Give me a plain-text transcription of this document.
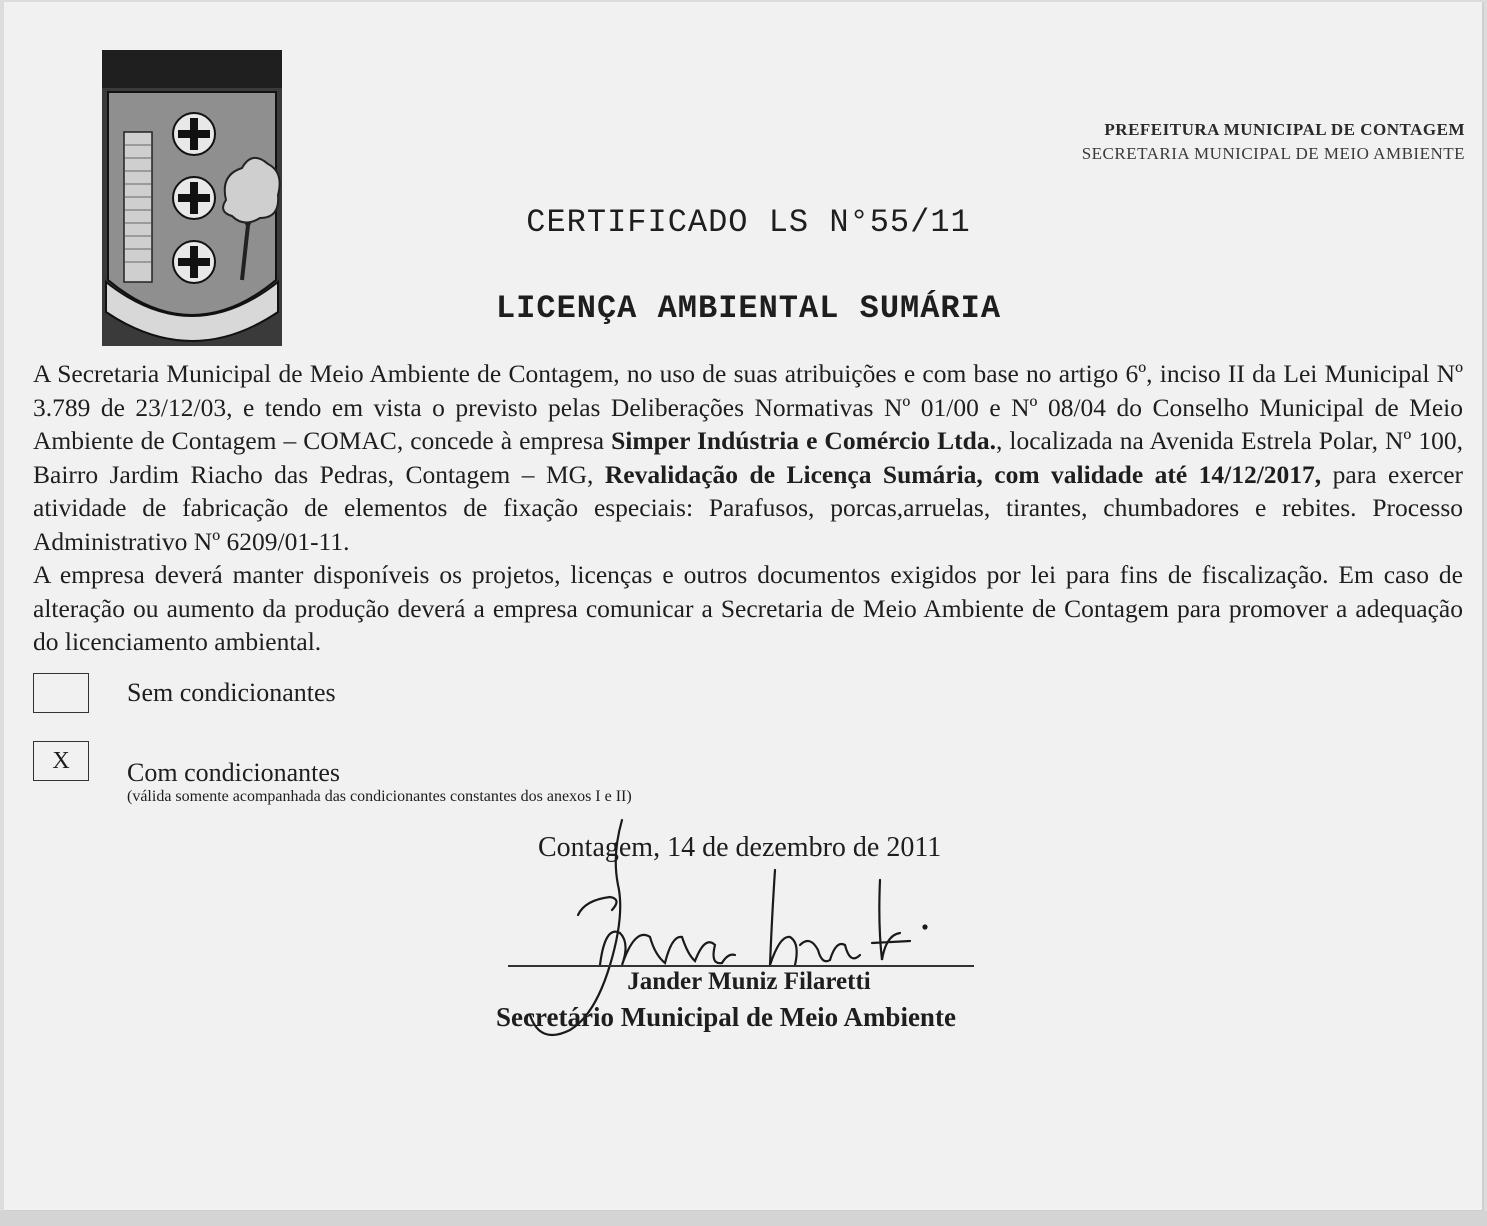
PREFEITURA MUNICIPAL DE CONTAGEM
SECRETARIA MUNICIPAL DE MEIO AMBIENTE
CERTIFICADO LS N°55/11
LICENÇA AMBIENTAL SUMÁRIA

A Secretaria Municipal de Meio Ambiente de Contagem, no uso de suas atribuições e com base no artigo 6º, inciso II da Lei Municipal Nº 3.789 de 23/12/03, e tendo em vista o previsto pelas Deliberações Normativas Nº 01/00 e Nº 08/04 do Conselho Municipal de Meio Ambiente de Contagem – COMAC, concede à empresa Simper Indústria e Comércio Ltda., localizada na Avenida Estrela Polar, Nº 100, Bairro Jardim Riacho das Pedras, Contagem – MG, Revalidação de Licença Sumária, com validade até 14/12/2017, para exercer atividade de fabricação de elementos de fixação especiais: Parafusos, porcas,arruelas, tirantes, chumbadores e rebites. Processo Administrativo Nº 6209/01-11.

A empresa deverá manter disponíveis os projetos, licenças e outros documentos exigidos por lei para fins de fiscalização. Em caso de alteração ou aumento da produção deverá a empresa comunicar a Secretaria de Meio Ambiente de Contagem para promover a adequação do licenciamento ambiental.

Sem condicionantes
X	Com condicionantes
(válida somente acompanhada das condicionantes constantes dos anexos I e II)
Contagem, 14 de dezembro de 2011
Jander Muniz Filaretti
Secretário Municipal de Meio Ambiente
